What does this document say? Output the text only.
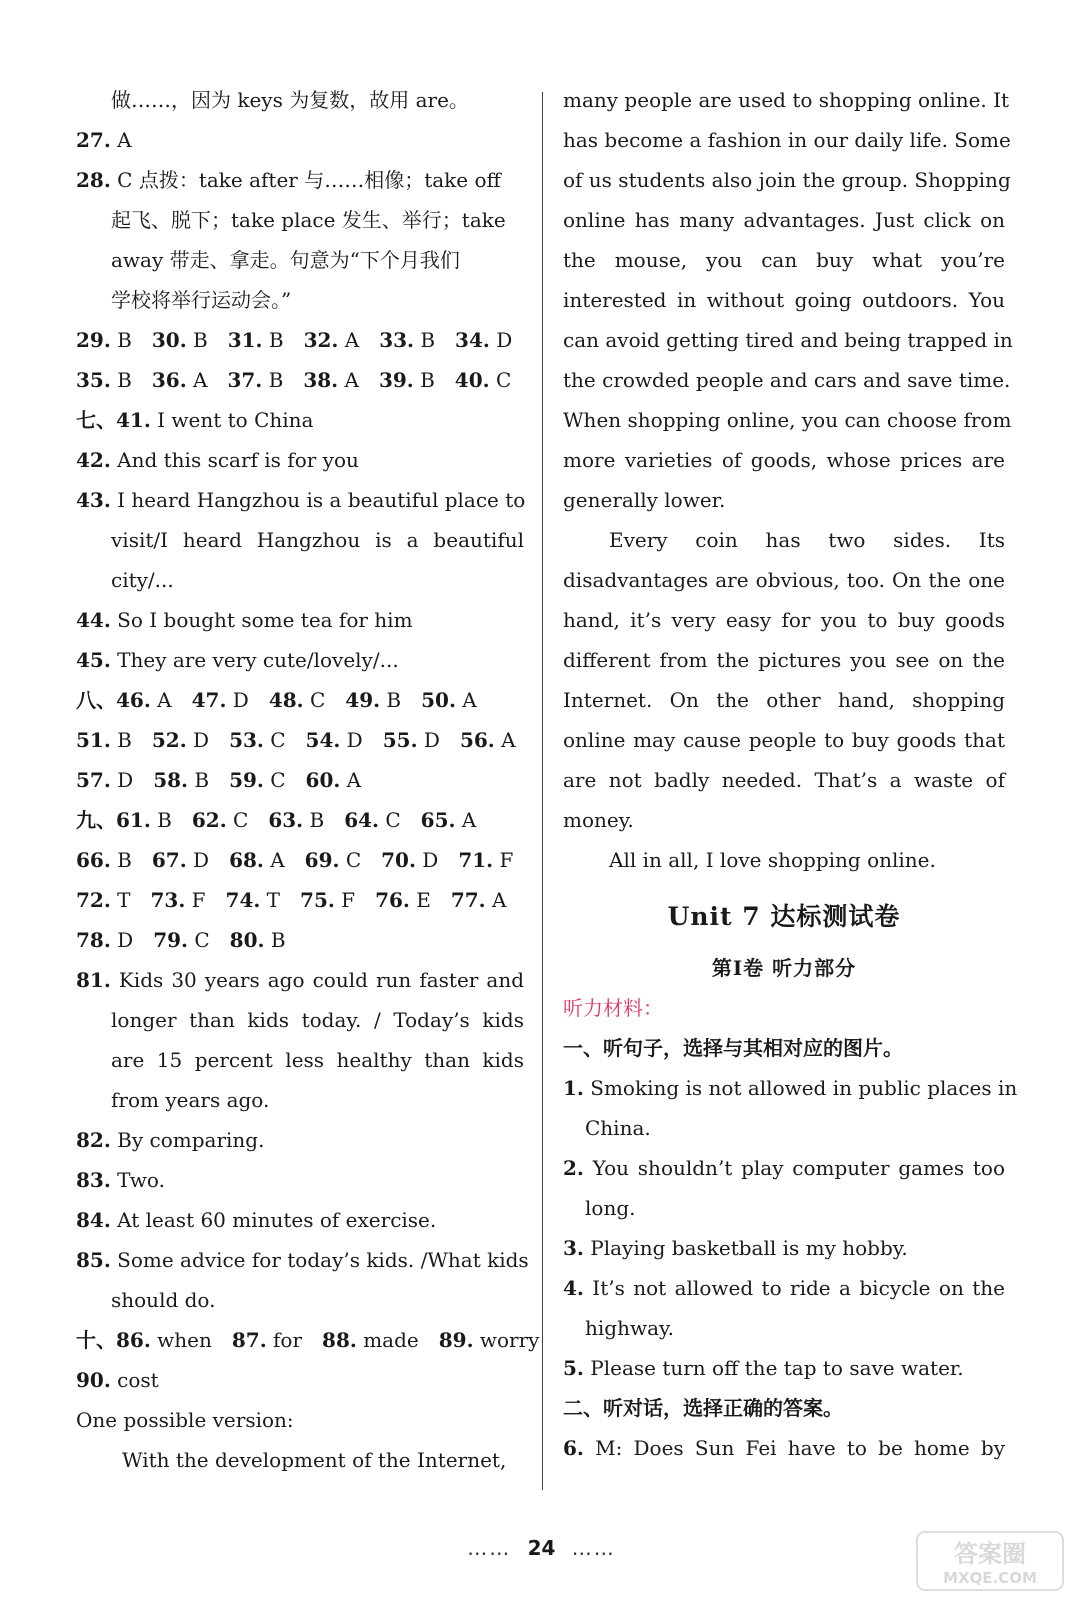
做……，因为 keys 为复数，故用 are。
27. A
28. C 点拨：take after 与……相像；take off
起飞、脱下；take place 发生、举行；take
away 带走、拿走。句意为“下个月我们
学校将举行运动会。”
29. B 30. B 31. B 32. A 33. B 34. D
35. B 36. A 37. B 38. A 39. B 40. C
七、41. I went to China
42. And this scarf is for you
43. I heard Hangzhou is a beautiful place to
visit/I heard Hangzhou is a beautiful
city/...
44. So I bought some tea for him
45. They are very cute/lovely/...
八、46. A 47. D 48. C 49. B 50. A
51. B 52. D 53. C 54. D 55. D 56. A
57. D 58. B 59. C 60. A
九、61. B 62. C 63. B 64. C 65. A
66. B 67. D 68. A 69. C 70. D 71. F
72. T 73. F 74. T 75. F 76. E 77. A
78. D 79. C 80. B
81. Kids 30 years ago could run faster and
longer than kids today. / Today’s kids
are 15 percent less healthy than kids
from years ago.
82. By comparing.
83. Two.
84. At least 60 minutes of exercise.
85. Some advice for today’s kids. /What kids
should do.
十、86. when 87. for 88. made 89. worry
90. cost
One possible version:
With the development of the Internet,
many people are used to shopping online. It
has become a fashion in our daily life. Some
of us students also join the group. Shopping
online has many advantages. Just click on
the mouse, you can buy what you’re
interested in without going outdoors. You
can avoid getting tired and being trapped in
the crowded people and cars and save time.
When shopping online, you can choose from
more varieties of goods, whose prices are
generally lower.
Every coin has two sides. Its
disadvantages are obvious, too. On the one
hand, it’s very easy for you to buy goods
different from the pictures you see on the
Internet. On the other hand, shopping
online may cause people to buy goods that
are not badly needed. That’s a waste of
money.
All in all, I love shopping online.
Unit 7 达标测试卷
第Ⅰ卷 听力部分
听力材料：
一、听句子，选择与其相对应的图片。
1. Smoking is not allowed in public places in
China.
2. You shouldn’t play computer games too
long.
3. Playing basketball is my hobby.
4. It’s not allowed to ride a bicycle on the
highway.
5. Please turn off the tap to save water.
二、听对话，选择正确的答案。
6. M: Does Sun Fei have to be home by
…… 24 ……	答案圈
MXQE.COM
